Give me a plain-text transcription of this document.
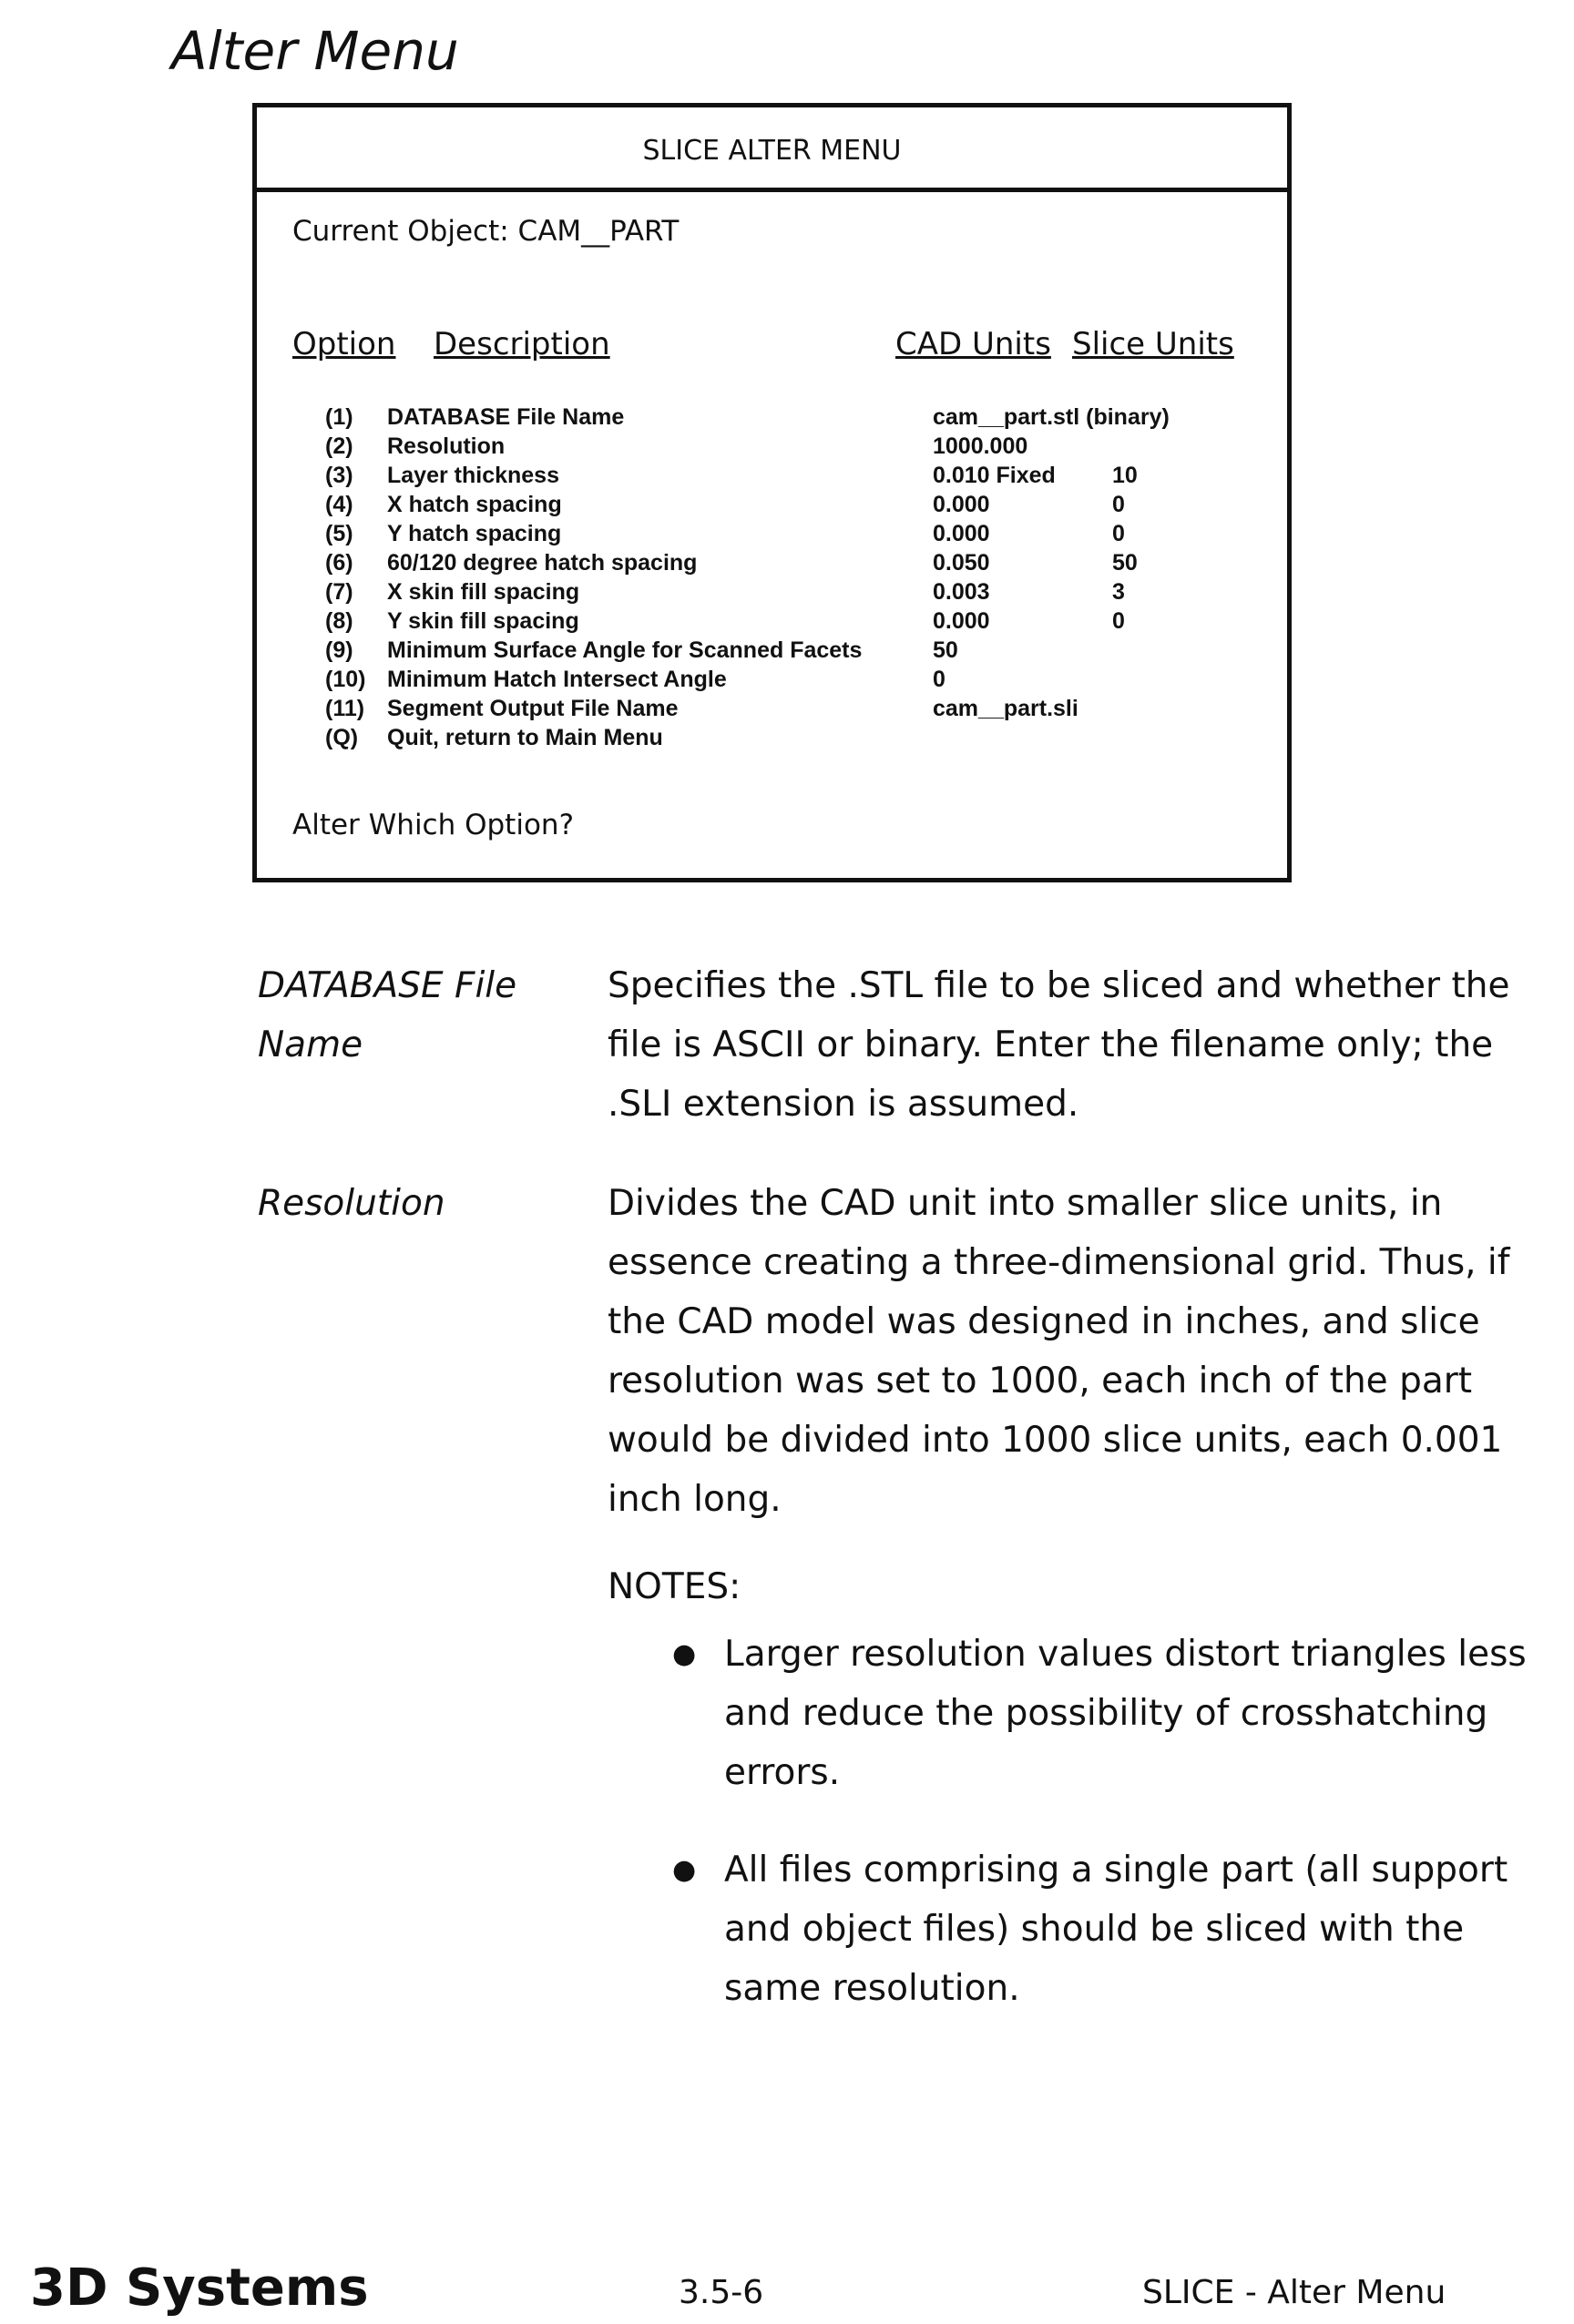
Alter Menu
SLICE ALTER MENU
Current Object: CAM__PART
Option Description	CAD Units Slice Units
(1) DATABASE File Name	cam__part.stl (binary)
(2) Resolution	1000.000
(3) Layer thickness	0.010 Fixed 10
(4) X hatch spacing	0.000	0
(5) Y hatch spacing	0.000	0
(6) 60/120 degree hatch spacing	0.050	50
(7) X skin fill spacing	0.003	3
(8) Y skin fill spacing	0.000	0
(9) Minimum Surface Angle for Scanned Facets	50
(10) Minimum Hatch Intersect Angle	0
(11) Segment Output File Name	cam__part.sli
(Q) Quit, return to Main Menu
Alter Which Option?
DATABASE File
Name
Specifies the .STL file to be sliced and whether the file is ASCII or binary. Enter the filename only; the .SLI extension is assumed.
Resolution	Divides the CAD unit into smaller slice units, in essence creating a three-dimensional grid. Thus, if the CAD model was designed in inches, and slice resolution was set to 1000, each inch of the part would be divided into 1000 slice units, each 0.001 inch long.
NOTES:
● Larger resolution values distort triangles less and reduce the possibility of crosshatching errors.
● All files comprising a single part (all support and object files) should be sliced with the same resolution.
3D Systems	3.5-6	SLICE - Alter Menu
